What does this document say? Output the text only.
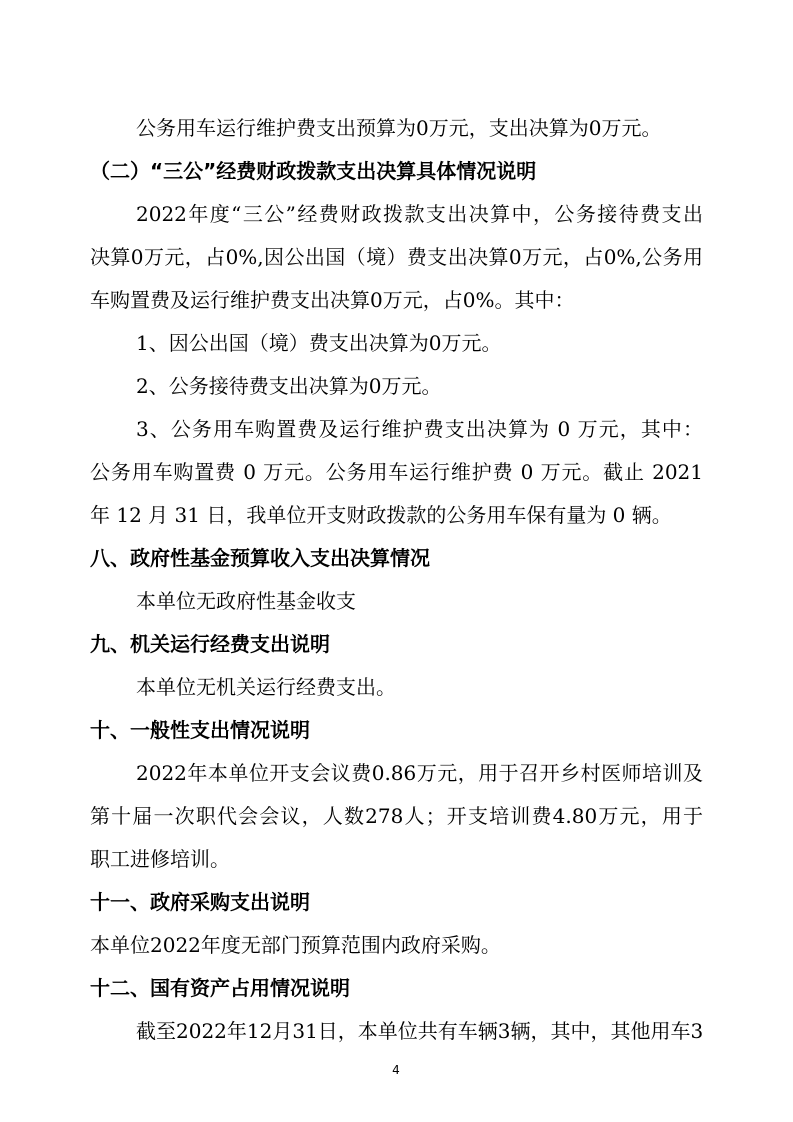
公务用车运行维护费支出预算为0万元，支出决算为0万元。
（二）“三公”经费财政拨款支出决算具体情况说明
2022年度“三公”经费财政拨款支出决算中，公务接待费支出
决算0万元，占0%,因公出国（境）费支出决算0万元，占0%,公务用
车购置费及运行维护费支出决算0万元，占0%。其中：
1、因公出国（境）费支出决算为0万元。
2、公务接待费支出决算为0万元。
3、公务用车购置费及运行维护费支出决算为 0 万元，其中：
公务用车购置费 0 万元。公务用车运行维护费 0 万元。截止 2021
年 12 月 31 日，我单位开支财政拨款的公务用车保有量为 0 辆。
八、政府性基金预算收入支出决算情况
本单位无政府性基金收支
九、机关运行经费支出说明
本单位无机关运行经费支出。
十、一般性支出情况说明
2022年本单位开支会议费0.86万元，用于召开乡村医师培训及
第十届一次职代会会议，人数278人；开支培训费4.80万元，用于
职工进修培训。
十一、政府采购支出说明
本单位2022年度无部门预算范围内政府采购。
十二、国有资产占用情况说明
截至2022年12月31日，本单位共有车辆3辆，其中，其他用车3
4
